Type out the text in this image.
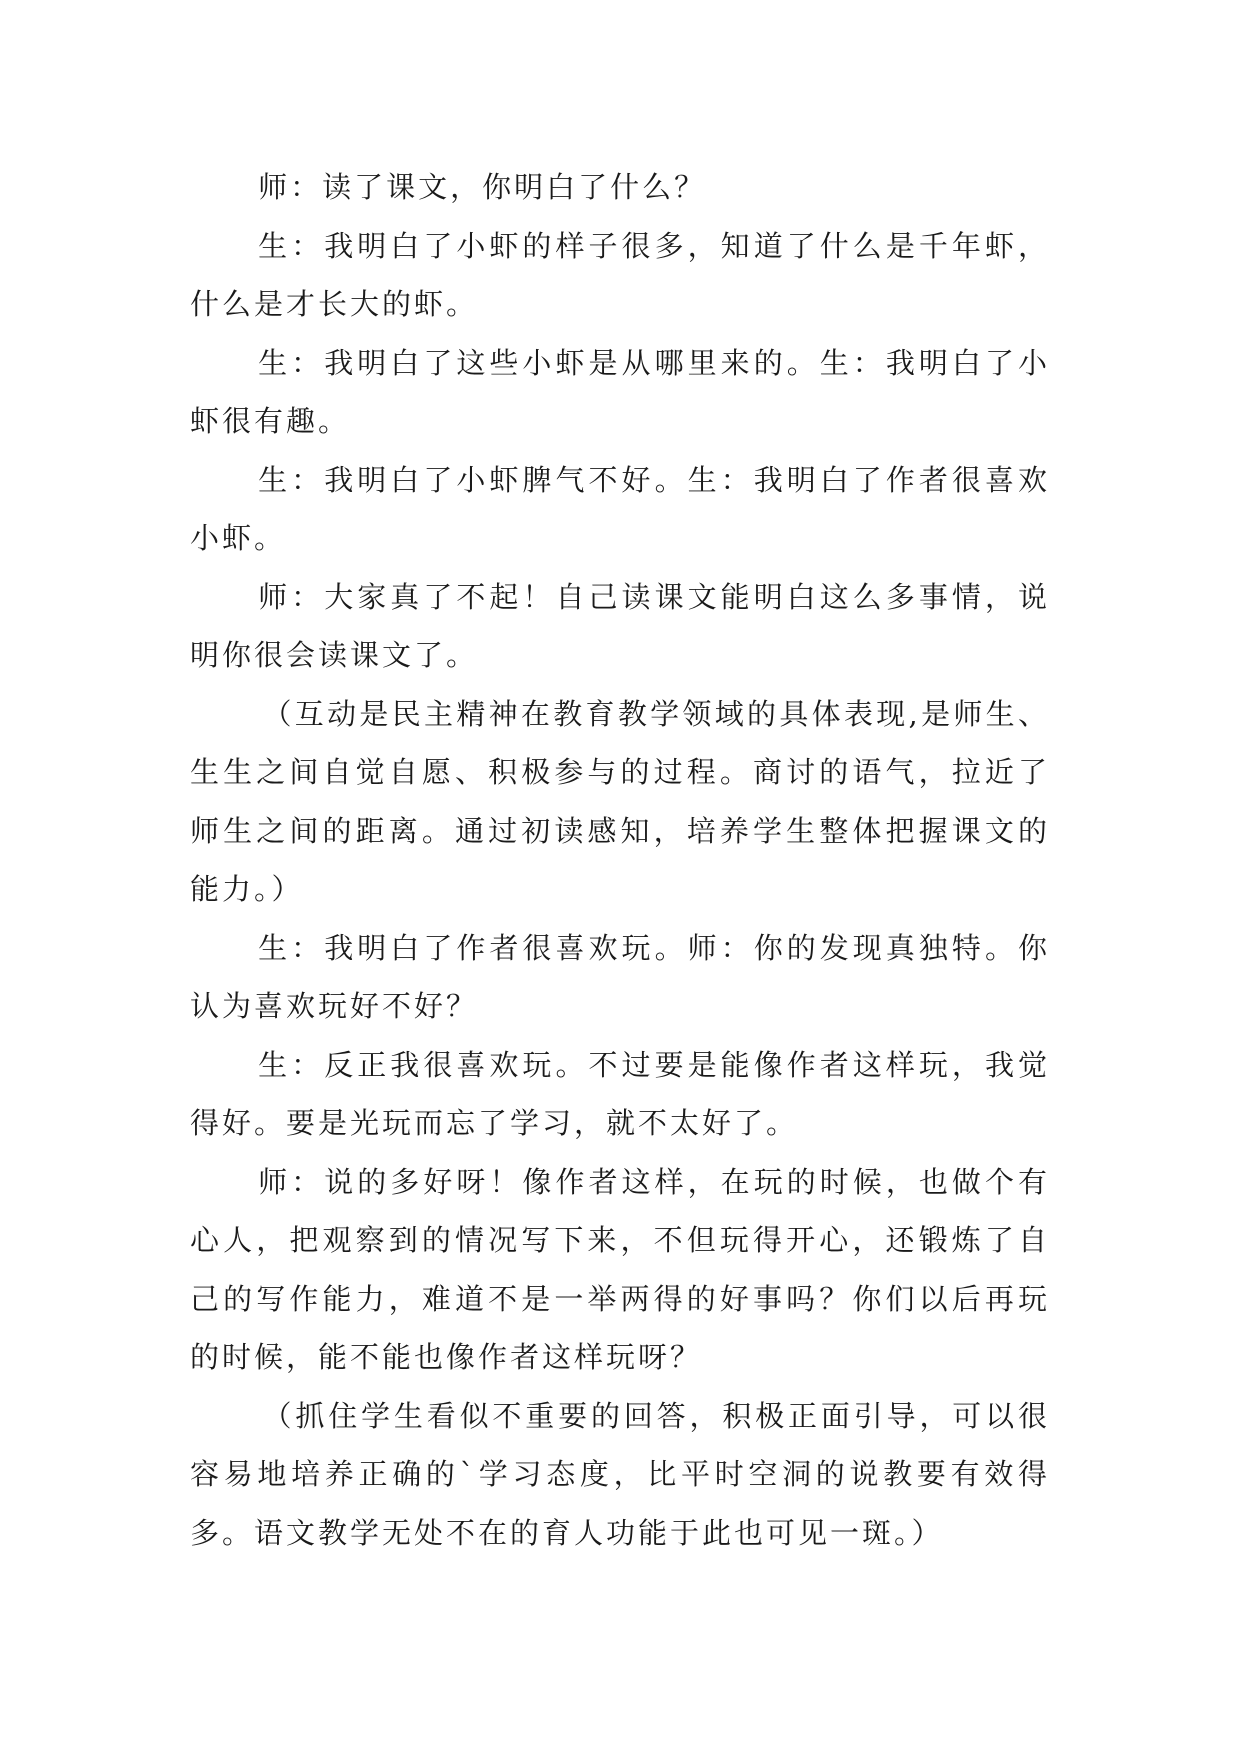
师：读了课文，你明白了什么？

生：我明白了小虾的样子很多，知道了什么是千年虾，什么是才长大的虾。

生：我明白了这些小虾是从哪里来的。生：我明白了小虾很有趣。

生：我明白了小虾脾气不好。生：我明白了作者很喜欢小虾。

师：大家真了不起！自己读课文能明白这么多事情，说明你很会读课文了。

（互动是民主精神在教育教学领域的具体表现,是师生、生生之间自觉自愿、积极参与的过程。商讨的语气，拉近了师生之间的距离。通过初读感知，培养学生整体把握课文的能力。）

生：我明白了作者很喜欢玩。师：你的发现真独特。你认为喜欢玩好不好？

生：反正我很喜欢玩。不过要是能像作者这样玩，我觉得好。要是光玩而忘了学习，就不太好了。

师：说的多好呀！像作者这样，在玩的时候，也做个有心人，把观察到的情况写下来，不但玩得开心，还锻炼了自己的写作能力，难道不是一举两得的好事吗？你们以后再玩的时候，能不能也像作者这样玩呀？

（抓住学生看似不重要的回答，积极正面引导，可以很容易地培养正确的`学习态度，比平时空洞的说教要有效得多。语文教学无处不在的育人功能于此也可见一斑。）
